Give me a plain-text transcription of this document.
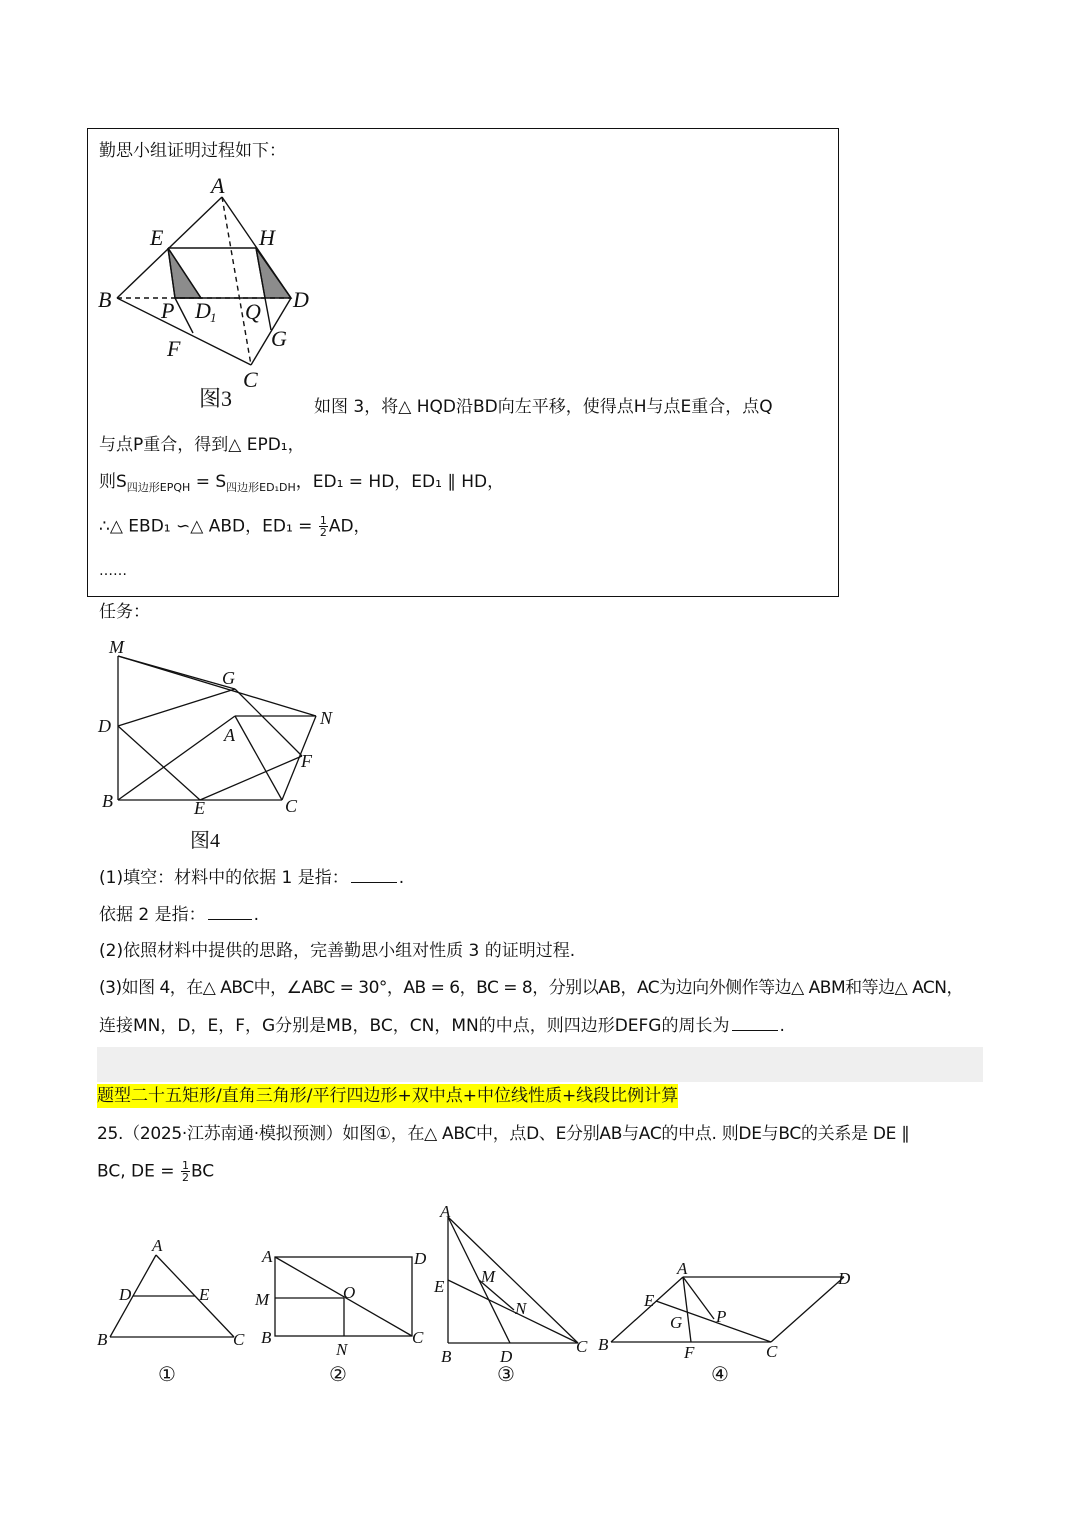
勤思小组证明过程如下：
A
E	H
B P D 1 Q D
G
F
C
图3	如图 3，将△ HQD沿BD向左平移，使得点H与点E重合，点Q
与点P重合，得到△ EPD₁，
则$S_{四边形EPQH} = S_{四边形ED_1DH}$，ED₁ = HD，ED₁ ∥ HD，
∴△ EBD₁ ∽△ ABD，$ED_1 = \frac{1}{2}$ AD，
……
任务：
M
G
D	N
A
F
B	E	C
图4
(1)填空：材料中的依据 1 是指：	.
依据 2 是指：	.
(2)依照材料中提供的思路，完善勤思小组对性质 3 的证明过程.
(3)如图 4，在△ ABC中，∠ABC = 30°，AB = 6，BC = 8，分别以AB，AC为边向外侧作等边△ ABM和等边△ ACN，
连接MN，D，E，F，G分别是MB，BC，CN，MN的中点，则四边形DEFG的周长为	.
题型二十五矩形/直角三角形/平行四边形+双中点+中位线性质+线段比例计算
25.（2025·江苏南通·模拟预测）如图①，在△ ABC中，点D、E分别AB与AC的中点. 则DE与BC的关系是 DE ∥
BC, DE = $\frac{1}{2}$ BC
A
D	E
B	C
A	D
M	O
B
N
C
A
M
E
N
B	D
C
A
D
E
P
G
B	F	C
①	②	③	④
